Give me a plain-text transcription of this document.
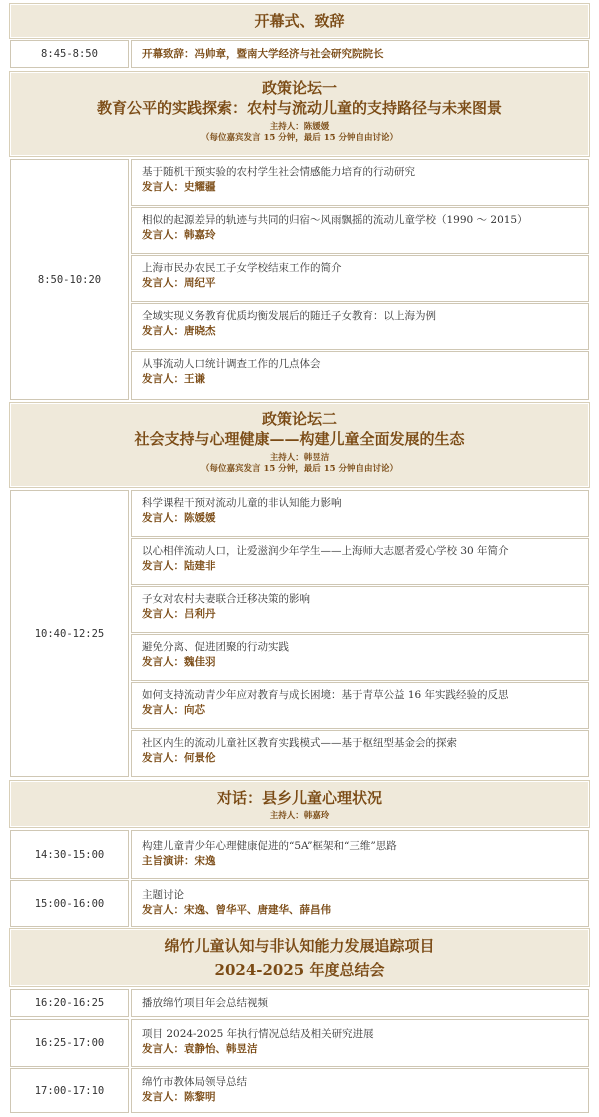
开幕式、致辞
8:45-8:50	开幕致辞：冯帅章，暨南大学经济与社会研究院院长
政策论坛一
教育公平的实践探索：农村与流动儿童的支持路径与未来图景
主持人：陈媛媛
（每位嘉宾发言 15 分钟，最后 15 分钟自由讨论）
8:50-10:20
基于随机干预实验的农村学生社会情感能力培育的行动研究
发言人：史耀疆
相似的起源差异的轨迹与共同的归宿～风雨飘摇的流动儿童学校（1990 ～ 2015）
发言人：韩嘉玲
上海市民办农民工子女学校结束工作的简介
发言人：周纪平
全域实现义务教育优质均衡发展后的随迁子女教育：以上海为例
发言人：唐晓杰
从事流动人口统计调查工作的几点体会
发言人：王谦
政策论坛二
社会支持与心理健康——构建儿童全面发展的生态
主持人：韩昱洁
（每位嘉宾发言 15 分钟，最后 15 分钟自由讨论）
10:40-12:25
科学课程干预对流动儿童的非认知能力影响
发言人：陈媛媛
以心相伴流动人口，让爱滋润少年学生——上海师大志愿者爱心学校 30 年简介
发言人：陆建非
子女对农村夫妻联合迁移决策的影响
发言人：吕利丹
避免分离、促进团聚的行动实践
发言人：魏佳羽
如何支持流动青少年应对教育与成长困境：基于青草公益 16 年实践经验的反思
发言人：向芯
社区内生的流动儿童社区教育实践模式——基于枢纽型基金会的探索
发言人：何景伦
对话：县乡儿童心理状况
主持人：韩嘉玲
14:30-15:00
构建儿童青少年心理健康促进的“5A”框架和“三维”思路
主旨演讲：宋逸
15:00-16:00
主题讨论
发言人：宋逸、曾华平、唐建华、薛昌伟
绵竹儿童认知与非认知能力发展追踪项目
2024-2025 年度总结会
16:20-16:25	播放绵竹项目年会总结视频
16:25-17:00
项目 2024-2025 年执行情况总结及相关研究进展
发言人：袁静怡、韩昱洁
17:00-17:10
绵竹市教体局领导总结
发言人：陈黎明
